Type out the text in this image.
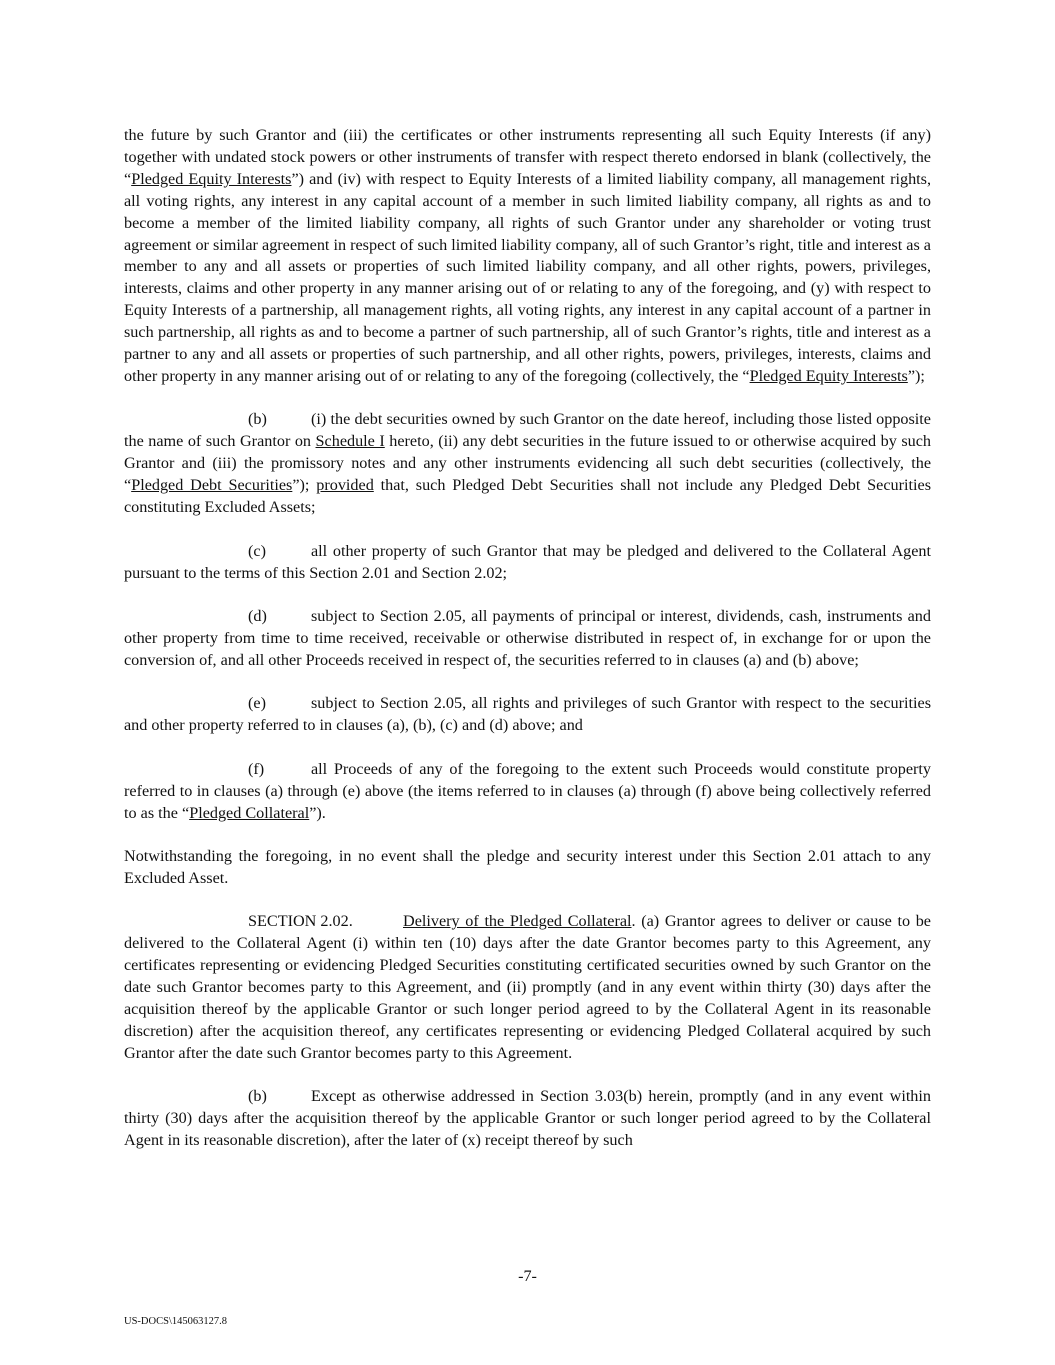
the future by such Grantor and (iii) the certificates or other instruments representing all such Equity Interests (if any) together with undated stock powers or other instruments of transfer with respect thereto endorsed in blank (collectively, the “Pledged Equity Interests”) and (iv) with respect to Equity Interests of a limited liability company, all management rights, all voting rights, any interest in any capital account of a member in such limited liability company, all rights as and to become a member of the limited liability company, all rights of such Grantor under any shareholder or voting trust agreement or similar agreement in respect of such limited liability company, all of such Grantor’s right, title and interest as a member to any and all assets or properties of such limited liability company, and all other rights, powers, privileges, interests, claims and other property in any manner arising out of or relating to any of the foregoing, and (y) with respect to Equity Interests of a partnership, all management rights, all voting rights, any interest in any capital account of a partner in such partnership, all rights as and to become a partner of such partnership, all of such Grantor’s rights, title and interest as a partner to any and all assets or properties of such partnership, and all other rights, powers, privileges, interests, claims and other property in any manner arising out of or relating to any of the foregoing (collectively, the “Pledged Equity Interests”);

(b)	(i) the debt securities owned by such Grantor on the date hereof, including those listed opposite the name of such Grantor on Schedule I hereto, (ii) any debt securities in the future issued to or otherwise acquired by such Grantor and (iii) the promissory notes and any other instruments evidencing all such debt securities (collectively, the “Pledged Debt Securities”); provided that, such Pledged Debt Securities shall not include any Pledged Debt Securities constituting Excluded Assets;

(c)	all other property of such Grantor that may be pledged and delivered to the Collateral Agent pursuant to the terms of this Section 2.01 and Section 2.02;

(d)	subject to Section 2.05, all payments of principal or interest, dividends, cash, instruments and other property from time to time received, receivable or otherwise distributed in respect of, in exchange for or upon the conversion of, and all other Proceeds received in respect of, the securities referred to in clauses (a) and (b) above;

(e)	subject to Section 2.05, all rights and privileges of such Grantor with respect to the securities and other property referred to in clauses (a), (b), (c) and (d) above; and

(f)	all Proceeds of any of the foregoing to the extent such Proceeds would constitute property referred to in clauses (a) through (e) above (the items referred to in clauses (a) through (f) above being collectively referred to as the “Pledged Collateral”).

Notwithstanding the foregoing, in no event shall the pledge and security interest under this Section 2.01 attach to any Excluded Asset.

SECTION 2.02.	Delivery of the Pledged Collateral. (a) Grantor agrees to deliver or cause to be delivered to the Collateral Agent (i) within ten (10) days after the date Grantor becomes party to this Agreement, any certificates representing or evidencing Pledged Securities constituting certificated securities owned by such Grantor on the date such Grantor becomes party to this Agreement, and (ii) promptly (and in any event within thirty (30) days after the acquisition thereof by the applicable Grantor or such longer period agreed to by the Collateral Agent in its reasonable discretion) after the acquisition thereof, any certificates representing or evidencing Pledged Collateral acquired by such Grantor after the date such Grantor becomes party to this Agreement.

(b)	Except as otherwise addressed in Section 3.03(b) herein, promptly (and in any event within thirty (30) days after the acquisition thereof by the applicable Grantor or such longer period agreed to by the Collateral Agent in its reasonable discretion), after the later of (x) receipt thereof by such

-7-
US-DOCS\145063127.8
